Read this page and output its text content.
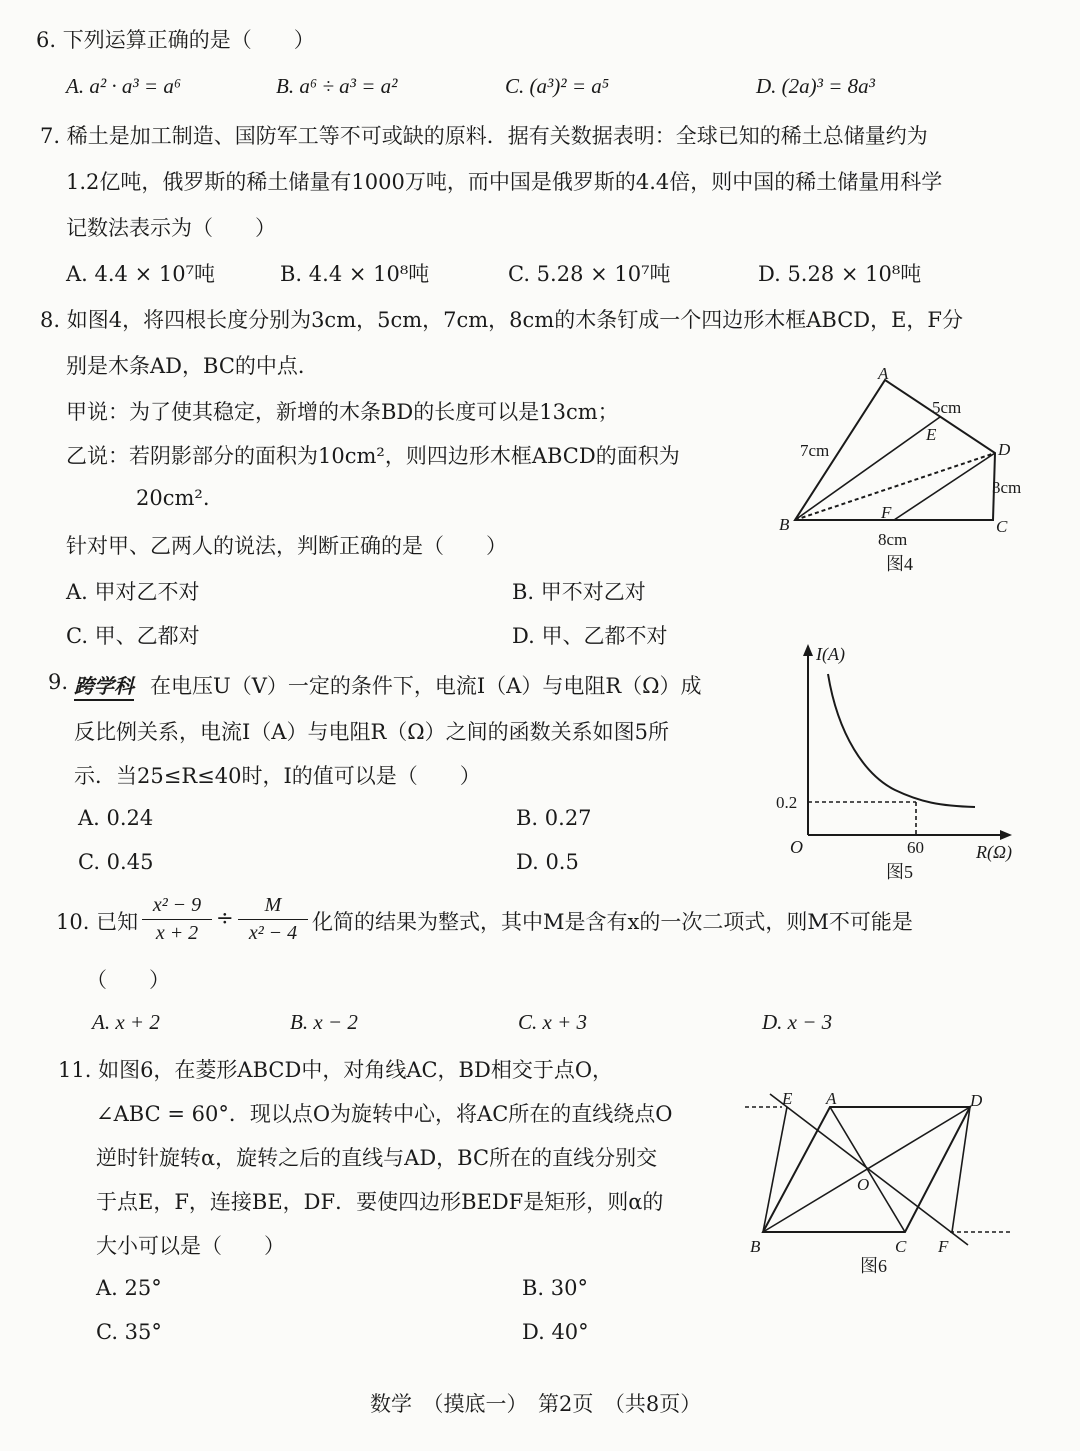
6. 下列运算正确的是（　　）
A. a² · a³ = a⁶	B. a⁶ ÷ a³ = a²	C. (a³)² = a⁵	D. (2a)³ = 8a³
7. 稀土是加工制造、国防军工等不可或缺的原料．据有关数据表明：全球已知的稀土总储量约为
1.2亿吨，俄罗斯的稀土储量有1000万吨，而中国是俄罗斯的4.4倍，则中国的稀土储量用科学
记数法表示为（　　）
A. 4.4 × 10⁷吨	B. 4.4 × 10⁸吨	C. 5.28 × 10⁷吨	D. 5.28 × 10⁸吨
8. 如图4，将四根长度分别为3cm，5cm，7cm，8cm的木条钉成一个四边形木框ABCD，E，F分
别是木条AD，BC的中点．
甲说：为了使其稳定，新增的木条BD的长度可以是13cm；
乙说：若阴影部分的面积为10cm²，则四边形木框ABCD的面积为
20cm².
针对甲、乙两人的说法，判断正确的是（　　）
A. 甲对乙不对	B. 甲不对乙对
C. 甲、乙都对	D. 甲、乙都不对
A
B	C
D
E
F
5cm
7cm
3cm
8cm
图4
9. 跨学科 在电压U（V）一定的条件下，电流I（A）与电阻R（Ω）成
反比例关系，电流I（A）与电阻R（Ω）之间的函数关系如图5所
示．当25≤R≤40时，I的值可以是（　　）
A. 0.24	B. 0.27
C. 0.45	D. 0.5
I(A)
R(Ω)
O
0.2
60
图5
10. 已知
x² − 9
x + 2
÷
M
x² − 4 化简的结果为整式，其中M是含有x的一次二项式，则M不可能是
（　　）
A. x + 2	B. x − 2	C. x + 3	D. x − 3
11. 如图6，在菱形ABCD中，对角线AC，BD相交于点O，
∠ABC = 60°．现以点O为旋转中心，将AC所在的直线绕点O
逆时针旋转α，旋转之后的直线与AD，BC所在的直线分别交
于点E，F，连接BE，DF．要使四边形BEDF是矩形，则α的
大小可以是（　　）
A. 25°	B. 30°
C. 35°	D. 40°
E A	D
O
B	C F
图6
数学　（摸底一）　第2页　（共8页）
